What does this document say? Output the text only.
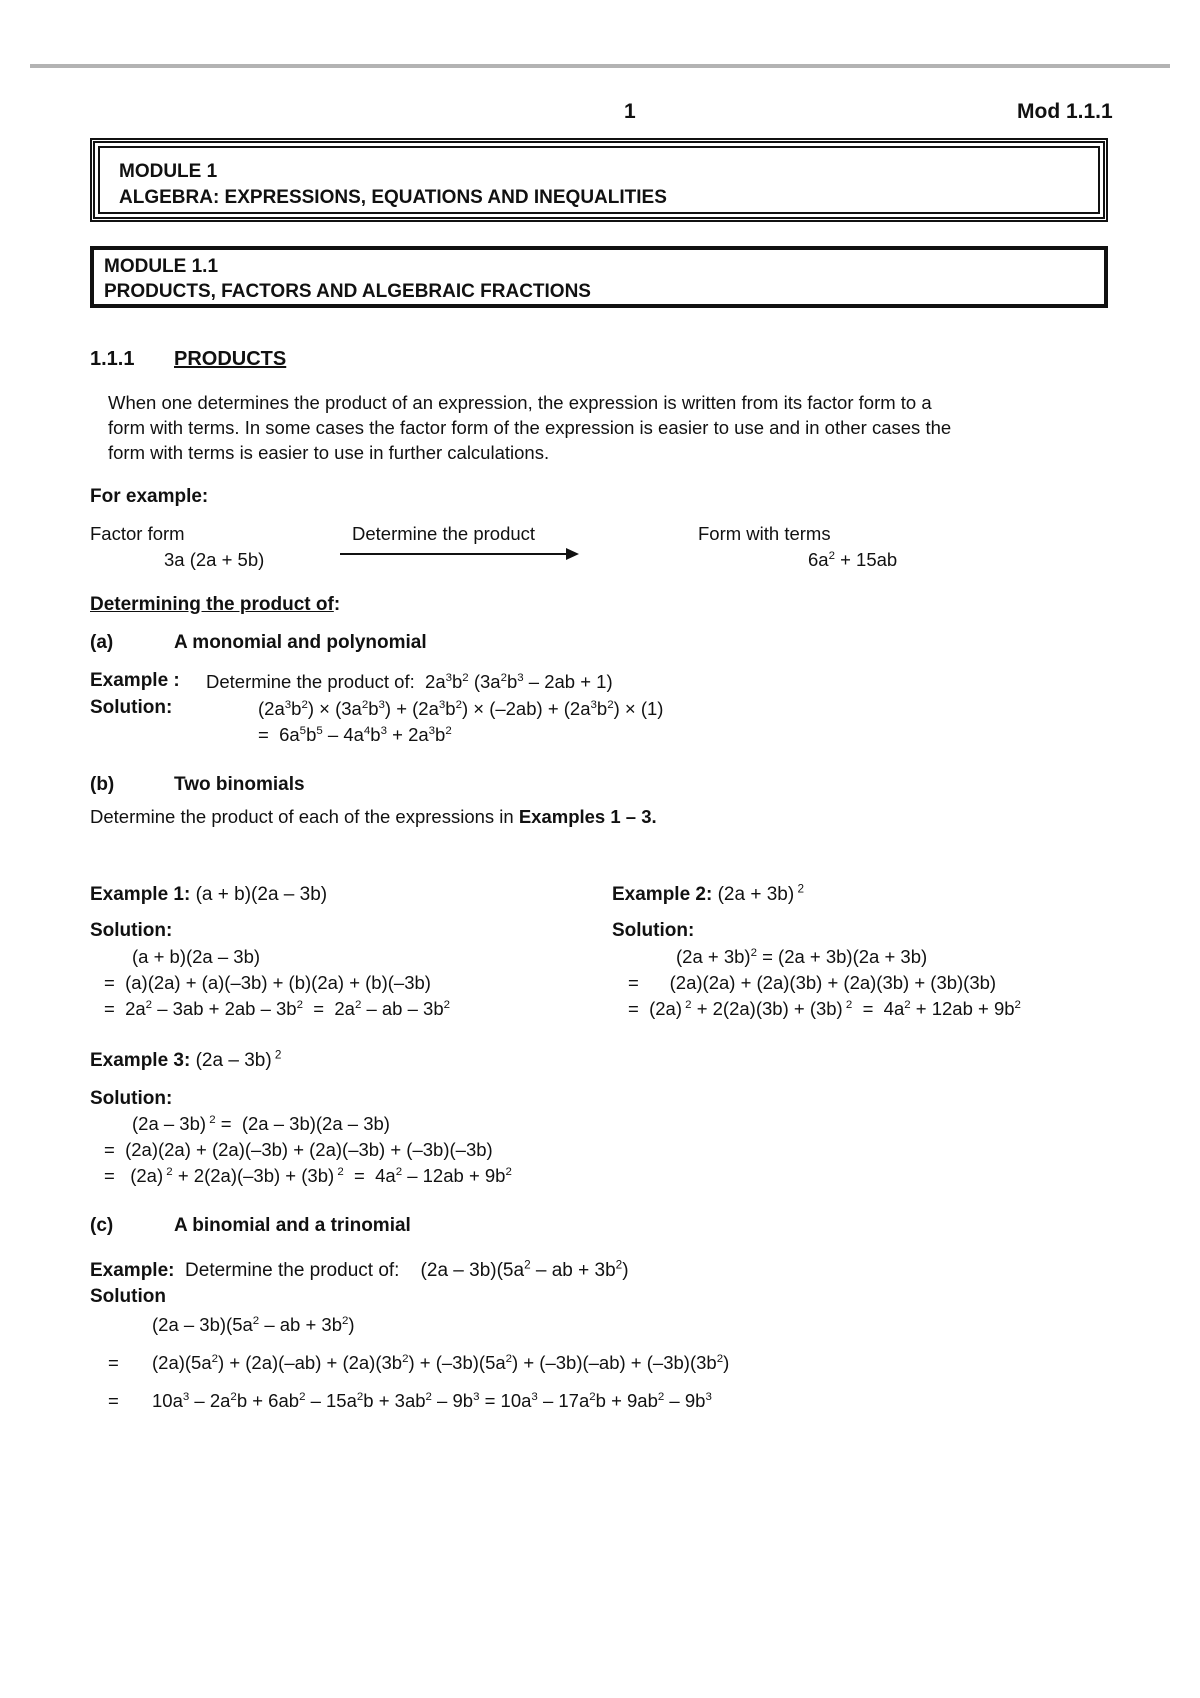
1	Mod 1.1.1
MODULE 1
ALGEBRA: EXPRESSIONS, EQUATIONS AND INEQUALITIES
MODULE 1.1
PRODUCTS, FACTORS AND ALGEBRAIC FRACTIONS
1.1.1 PRODUCTS
When one determines the product of an expression, the expression is written from its factor form to a
form with terms. In some cases the factor form of the expression is easier to use and in other cases the
form with terms is easier to use in further calculations.
For example:
Factor form
3a (2a + 5b)
Determine the product	Form with terms
$6a^2 + 15ab$
Determining the product of:
(a)	A monomial and polynomial
Example : Determine the product of:  $2a^3b^2$ $(3a^2b^3 - 2ab + 1)$
Solution:	$(2a^3b^2) \times (3a^2b^3) + (2a^3b^2) \times (-2ab) + (2a^3b^2) \times (1)$
=  $6a^5b^5 - 4a^4b^3 + 2a^3b^2$
(b)	Two binomials
Determine the product of each of the expressions in Examples 1 – 3.
Example 1: (a + b)(2a – 3b)
Solution:
(a + b)(2a – 3b)
=  (a)(2a) + (a)(–3b) + (b)(2a) + (b)(–3b)
=  $2a^2 - 3ab + 2ab - 3b^2 = 2a^2$ – ab – $3b^2$
Example 2: (2a + 3b) $^2$
Solution:
$(2a + 3b)^2 = (2a + 3b)(2a + 3b)$
=      (2a)(2a) + (2a)(3b) + (2a)(3b) + (3b)(3b)
=  (2a) $^2$ + 2(2a)(3b) + (3b) $^2 = 4a^2 + 12ab + 9b^2$
Example 3: (2a – 3b) $^2$
Solution:
(2a – 3b) $^2$ =  (2a – 3b)(2a – 3b)
=  (2a)(2a) + (2a)(–3b) + (2a)(–3b) + (–3b)(–3b)
=   (2a) $^2$ + 2(2a)(–3b) + (3b) $^2 = 4a^2 - 12ab + 9b^2$
(c)	A binomial and a trinomial
Example: Determine the product of:    $(2a - 3b)(5a^2$ – ab + $3b^2$)
Solution
$(2a - 3b)(5a^2$ – ab + $3b^2$)
= $(2a)(5a^2) + (2a)(-ab) + (2a)(3b^2) + (-3b)(5a^2) + (-3b)(-ab) + (-3b)(3b^2)$
= $10a^3 - 2a^2b + 6ab^2 - 15a^2b + 3ab^2 - 9b^3 = 10a^3 - 17a^2b + 9ab^2 - 9b^3$
